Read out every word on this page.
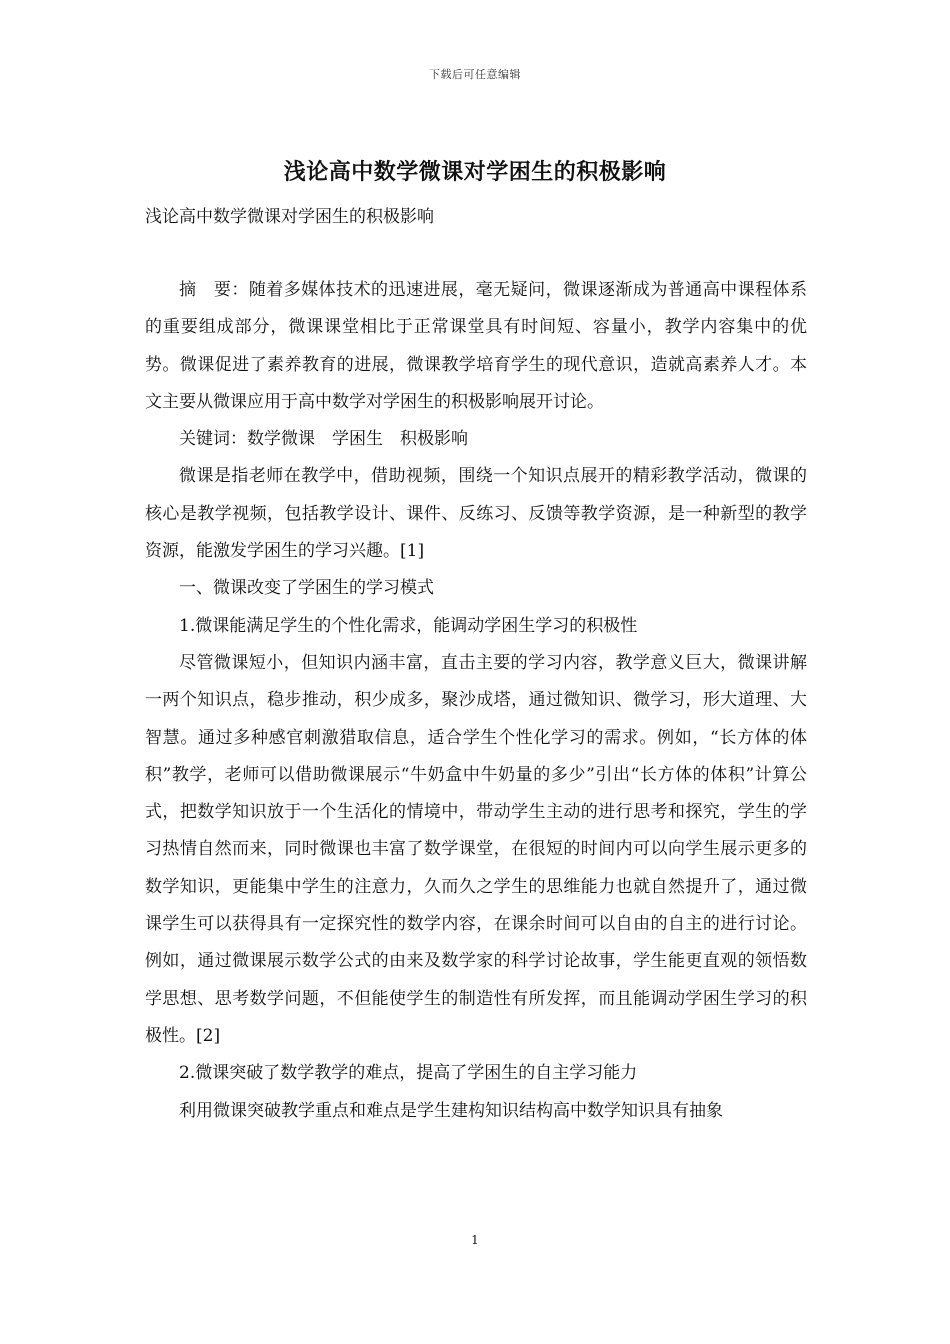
下载后可任意编辑
浅论高中数学微课对学困生的积极影响

浅论高中数学微课对学困生的积极影响

摘　要：随着多媒体技术的迅速进展，毫无疑问，微课逐渐成为普通高中课程体系的重要组成部分，微课课堂相比于正常课堂具有时间短、容量小，教学内容集中的优势。微课促进了素养教育的进展，微课教学培育学生的现代意识，造就高素养人才。本文主要从微课应用于高中数学对学困生的积极影响展开讨论。

关键词：数学微课　学困生　积极影响

微课是指老师在教学中，借助视频，围绕一个知识点展开的精彩教学活动，微课的核心是教学视频，包括教学设计、课件、反练习、反馈等教学资源，是一种新型的教学资源，能激发学困生的学习兴趣。[1]

一、微课改变了学困生的学习模式

1.微课能满足学生的个性化需求，能调动学困生学习的积极性

尽管微课短小，但知识内涵丰富，直击主要的学习内容，教学意义巨大，微课讲解一两个知识点，稳步推动，积少成多，聚沙成塔，通过微知识、微学习，形大道理、大智慧。通过多种感官刺激猎取信息，适合学生个性化学习的需求。例如，“长方体的体积”教学，老师可以借助微课展示“牛奶盒中牛奶量的多少”引出“长方体的体积”计算公式，把数学知识放于一个生活化的情境中，带动学生主动的进行思考和探究，学生的学习热情自然而来，同时微课也丰富了数学课堂，在很短的时间内可以向学生展示更多的数学知识，更能集中学生的注意力，久而久之学生的思维能力也就自然提升了，通过微课学生可以获得具有一定探究性的数学内容，在课余时间可以自由的自主的进行讨论。例如，通过微课展示数学公式的由来及数学家的科学讨论故事，学生能更直观的领悟数学思想、思考数学问题，不但能使学生的制造性有所发挥，而且能调动学困生学习的积极性。[2]

2.微课突破了数学教学的难点，提高了学困生的自主学习能力

利用微课突破教学重点和难点是学生建构知识结构高中数学知识具有抽象

1
